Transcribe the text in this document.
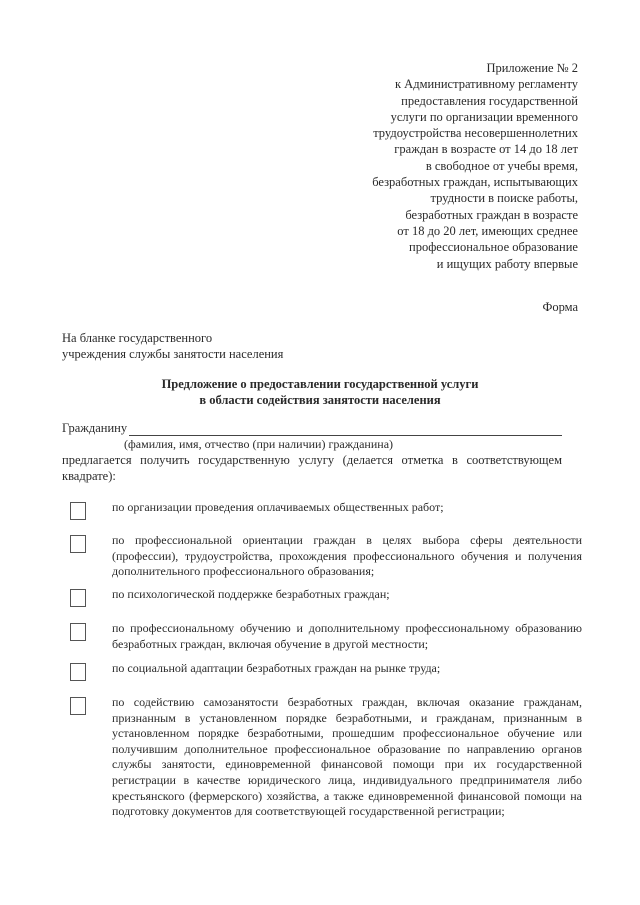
Приложение № 2
к Административному регламенту
предоставления государственной
услуги по организации временного
трудоустройства несовершеннолетних
граждан в возрасте от 14 до 18 лет
в свободное от учебы время,
безработных граждан, испытывающих
трудности в поиске работы,
безработных граждан в возрасте
от 18 до 20 лет, имеющих среднее
профессиональное образование
и ищущих работу впервые
Форма
На бланке государственного
учреждения службы занятости населения
Предложение о предоставлении государственной услуги
в области содействия занятости населения
Гражданину
(фамилия, имя, отчество (при наличии) гражданина)
предлагается получить государственную услугу (делается отметка в соответствующем квадрате):
по организации проведения оплачиваемых общественных работ;
по профессиональной ориентации граждан в целях выбора сферы деятельности (профессии), трудоустройства, прохождения профессионального обучения и получения дополнительного профессионального образования;
по психологической поддержке безработных граждан;
по профессиональному обучению и дополнительному профессиональному образованию безработных граждан, включая обучение в другой местности;
по социальной адаптации безработных граждан на рынке труда;
по содействию самозанятости безработных граждан, включая оказание гражданам, признанным в установленном порядке безработными, и гражданам, признанным в установленном порядке безработными, прошедшим профессиональное обучение или получившим дополнительное профессиональное образование по направлению органов службы занятости, единовременной финансовой помощи при их государственной регистрации в качестве юридического лица, индивидуального предпринимателя либо крестьянского (фермерского) хозяйства, а также единовременной финансовой помощи на подготовку документов для соответствующей государственной регистрации;
